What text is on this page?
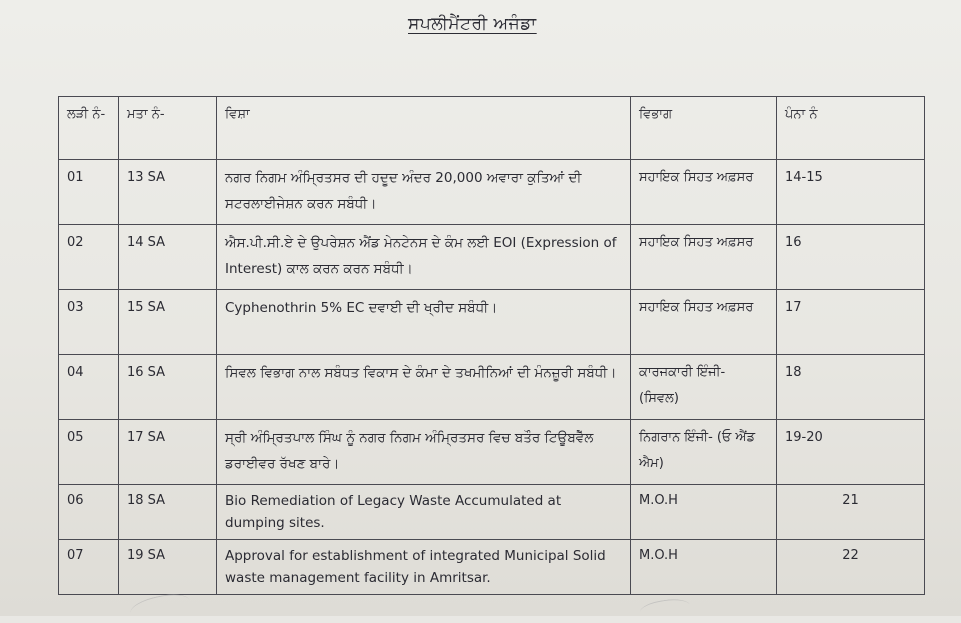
ਸਪਲੀਮੈਂਟਰੀ ਅਜੰਡਾ
ਲੜੀ ਨੰ-	ਮਤਾ ਨੰ-	ਵਿਸ਼ਾ	ਵਿਭਾਗ	ਪੰਨਾ ਨੰ
01	13 SA	ਨਗਰ ਨਿਗਮ ਅੰਮ੍ਰਿਤਸਰ ਦੀ ਹਦੂਦ ਅੰਦਰ 20,000 ਅਵਾਰਾ ਕੁਤਿਆਂ ਦੀ ਸਟਰਲਾਈਜੇਸ਼ਨ ਕਰਨ ਸਬੰਧੀ।	ਸਹਾਇਕ ਸਿਹਤ ਅਫ਼ਸਰ	14-15
02	14 SA	ਐਸ.ਪੀ.ਸੀ.ਏ ਦੇ ਉਪਰੇਸ਼ਨ ਐਂਡ ਮੇਨਟੇਨਸ ਦੇ ਕੰਮ ਲਈ EOI (Expression of Interest) ਕਾਲ ਕਰਨ ਕਰਨ ਸਬੰਧੀ।	ਸਹਾਇਕ ਸਿਹਤ ਅਫ਼ਸਰ	16
03	15 SA	Cyphenothrin 5% EC ਦਵਾਈ ਦੀ ਖ੍ਰੀਦ ਸਬੰਧੀ।	ਸਹਾਇਕ ਸਿਹਤ ਅਫ਼ਸਰ	17
04	16 SA	ਸਿਵਲ ਵਿਭਾਗ ਨਾਲ ਸਬੰਧਤ ਵਿਕਾਸ ਦੇ ਕੰਮਾ ਦੇ ਤਖਮੀਨਿਆਂ ਦੀ ਮੰਨਜ਼ੂਰੀ ਸਬੰਧੀ।	ਕਾਰਜਕਾਰੀ ਇੰਜੀ- (ਸਿਵਲ)	18
05	17 SA	ਸ੍ਰੀ ਅੰਮ੍ਰਿਤਪਾਲ ਸਿੰਘ ਨੂੰ ਨਗਰ ਨਿਗਮ ਅੰਮ੍ਰਿਤਸਰ ਵਿਚ ਬਤੌਰ ਟਿਊਬਵੈੱਲ ਡਰਾਈਵਰ ਰੱਖਣ ਬਾਰੇ।	ਨਿਗਰਾਨ ਇੰਜੀ- (ਓ ਐਂਡ ਐਮ)	19-20
06	18 SA	Bio Remediation of Legacy Waste Accumulated at dumping sites.	M.O.H	21
07	19 SA	Approval for establishment of integrated Municipal Solid waste management facility in Amritsar.	M.O.H	22
